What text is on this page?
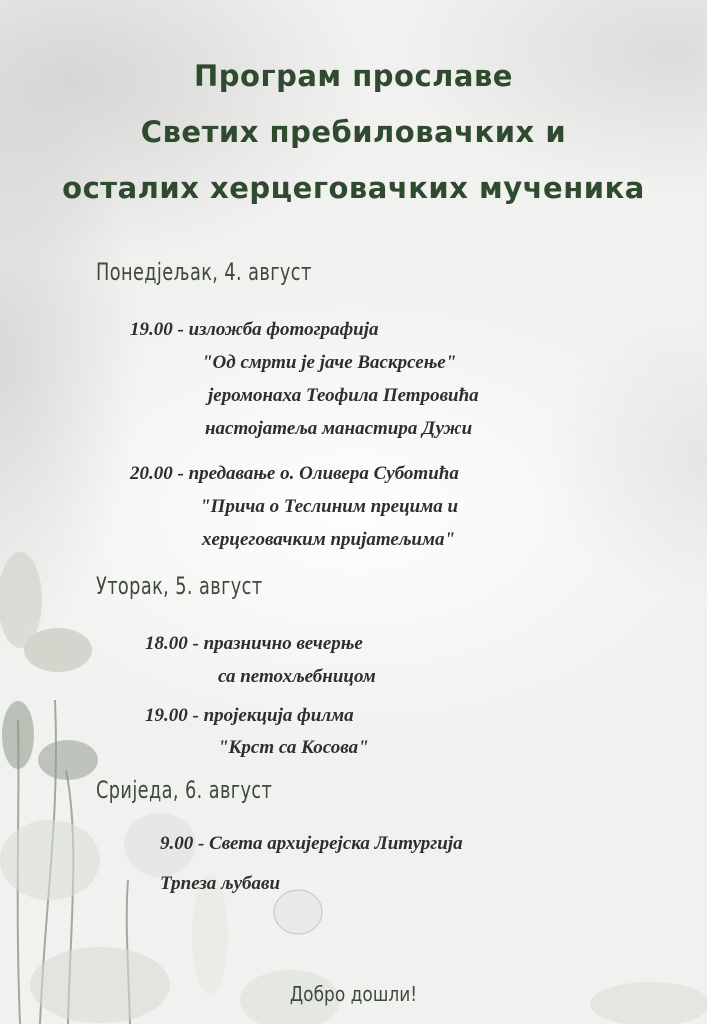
Програм прославе
Светих пребиловачких и
осталих херцеговачких мученика
Понедјељак, 4. август
19.00 - изложба фотографија
"Од смрти је јаче Васкрсење"
јеромонаха Теофила Петровића
настојатеља манастира Дужи
20.00 - предавање о. Оливера Суботића
"Прича о Теслиним прецима и
херцеговачким пријатељима"
Уторак, 5. август
18.00 - празнично вечерње
са петохљебницом
19.00 - пројекција филма
"Крст са Косова"
Сриједа, 6. август
9.00 - Света архијерејска Литургија
Трпеза љубави
Добро дошли!
